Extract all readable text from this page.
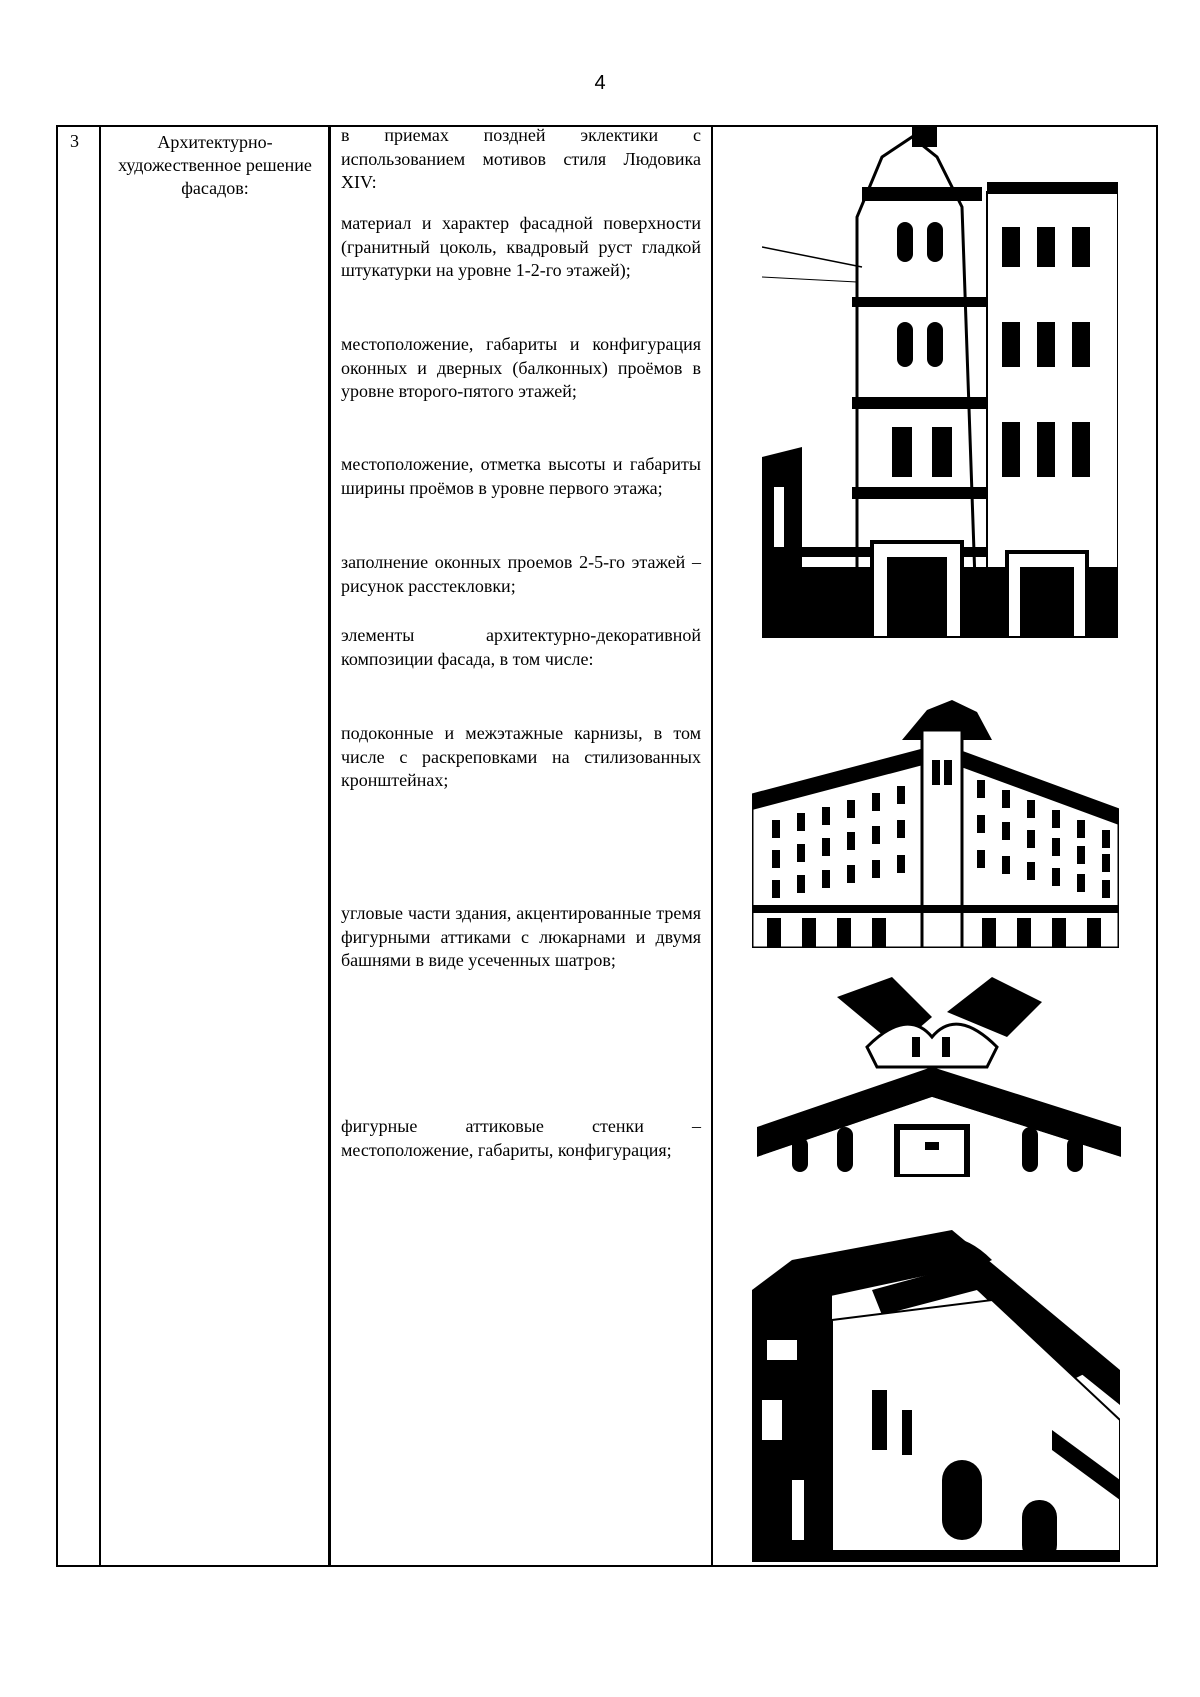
4
3	Архитектурно-художественное решение фасадов:

в приемах поздней эклектики с использованием мотивов стиля Людовика XIV:

материал и характер фасадной поверхности (гранитный цоколь, квадровый руст гладкой штукатурки на уровне 1-2-го этажей);

местоположение, габариты и конфигурация оконных и дверных (балконных) проёмов в уровне второго-пятого этажей;

местоположение, отметка высоты и габариты ширины проёмов в уровне первого этажа;

заполнение оконных проемов 2-5-го этажей – рисунок расстекловки;

элементы архитектурно-декоративной композиции фасада, в том числе:

подоконные и межэтажные карнизы, в том числе с раскреповками на стилизованных кронштейнах;

угловые части здания, акцентированные тремя фигурными аттиками с люкарнами и двумя башнями в виде усеченных шатров;

фигурные аттиковые стенки – местоположение, габариты, конфигурация;
